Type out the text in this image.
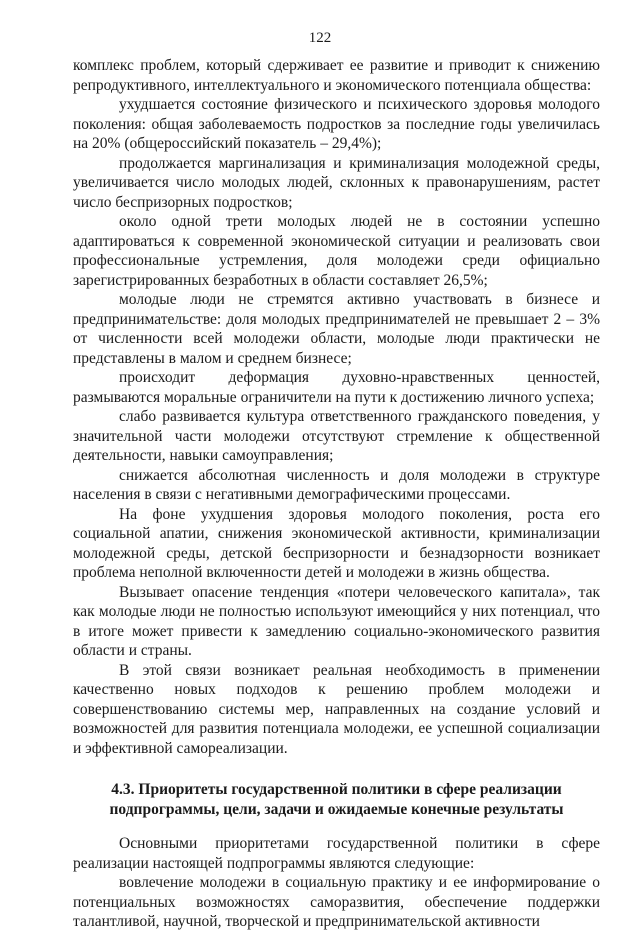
122

комплекс проблем, который сдерживает ее развитие и приводит к снижению репродуктивного, интеллектуального и экономического потенциала общества:

ухудшается состояние физического и психического здоровья молодого поколения: общая заболеваемость подростков за последние годы увеличилась на 20% (общероссийский показатель – 29,4%);

продолжается маргинализация и криминализация молодежной среды, увеличивается число молодых людей, склонных к правонарушениям, растет число беспризорных подростков;

около одной трети молодых людей не в состоянии успешно адаптироваться к современной экономической ситуации и реализовать свои профессиональные устремления, доля молодежи среди официально зарегистрированных безработных в области составляет 26,5%;

молодые люди не стремятся активно участвовать в бизнесе и предпринимательстве: доля молодых предпринимателей не превышает 2 – 3% от численности всей молодежи области, молодые люди практически не представлены в малом и среднем бизнесе;

происходит деформация духовно-нравственных ценностей, размываются моральные ограничители на пути к достижению личного успеха;

слабо развивается культура ответственного гражданского поведения, у значительной части молодежи отсутствуют стремление к общественной деятельности, навыки самоуправления;

снижается абсолютная численность и доля молодежи в структуре населения в связи с негативными демографическими процессами.

На фоне ухудшения здоровья молодого поколения, роста его социальной апатии, снижения экономической активности, криминализации молодежной среды, детской беспризорности и безнадзорности возникает проблема неполной включенности детей и молодежи в жизнь общества.

Вызывает опасение тенденция «потери человеческого капитала», так как молодые люди не полностью используют имеющийся у них потенциал, что в итоге может привести к замедлению социально-экономического развития области и страны.

В этой связи возникает реальная необходимость в применении качественно новых подходов к решению проблем молодежи и совершенствованию системы мер, направленных на создание условий и возможностей для развития потенциала молодежи, ее успешной социализации и эффективной самореализации.

4.3. Приоритеты государственной политики в сфере реализации
подпрограммы, цели, задачи и ожидаемые конечные результаты

Основными приоритетами государственной политики в сфере реализации настоящей подпрограммы являются следующие:

вовлечение молодежи в социальную практику и ее информирование о потенциальных возможностях саморазвития, обеспечение поддержки талантливой, научной, творческой и предпринимательской активности
